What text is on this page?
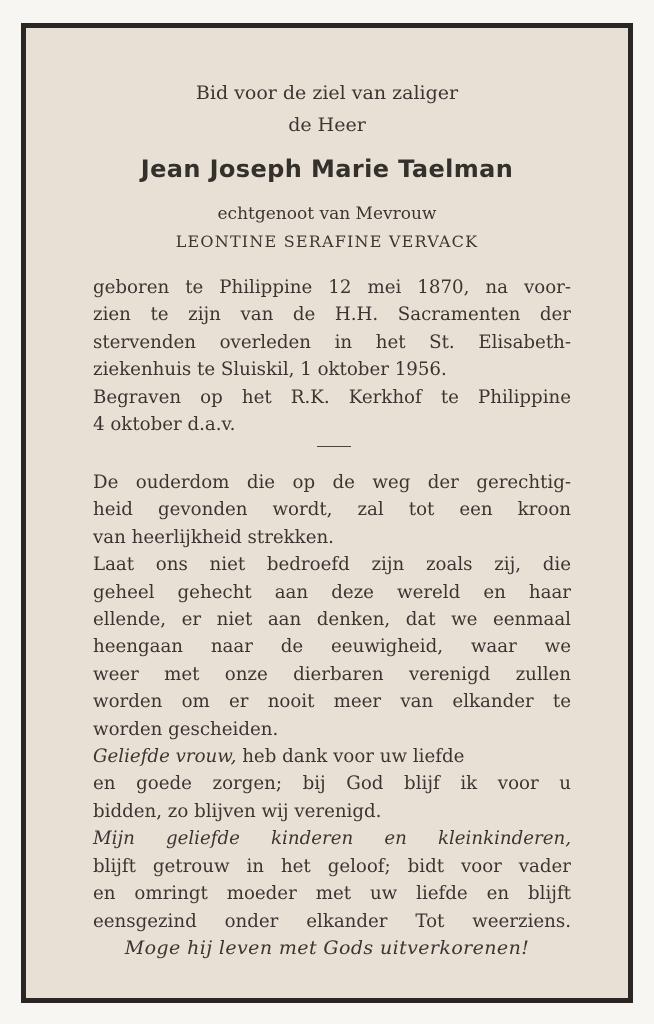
Bid voor de ziel van zaliger
de Heer
Jean Joseph Marie Taelman
echtgenoot van Mevrouw
LEONTINE SERAFINE VERVACK
geboren te Philippine 12 mei 1870, na voor-
zien te zijn van de H.H. Sacramenten der
stervenden overleden in het St. Elisabeth-
ziekenhuis te Sluiskil, 1 oktober 1956.
Begraven op het R.K. Kerkhof te Philippine
4 oktober d.a.v.
De ouderdom die op de weg der gerechtig-
heid gevonden wordt, zal tot een kroon
van heerlijkheid strekken.
Laat ons niet bedroefd zijn zoals zij, die
geheel gehecht aan deze wereld en haar
ellende, er niet aan denken, dat we eenmaal
heengaan naar de eeuwigheid, waar we
weer met onze dierbaren verenigd zullen
worden om er nooit meer van elkander te
worden gescheiden.
Geliefde vrouw, heb dank voor uw liefde
en goede zorgen; bij God blijf ik voor u
bidden, zo blijven wij verenigd.
Mijn geliefde kinderen en kleinkinderen,
blijft getrouw in het geloof; bidt voor vader
en omringt moeder met uw liefde en blijft
eensgezind onder elkander Tot weerziens.
Moge hij leven met Gods uitverkorenen!
